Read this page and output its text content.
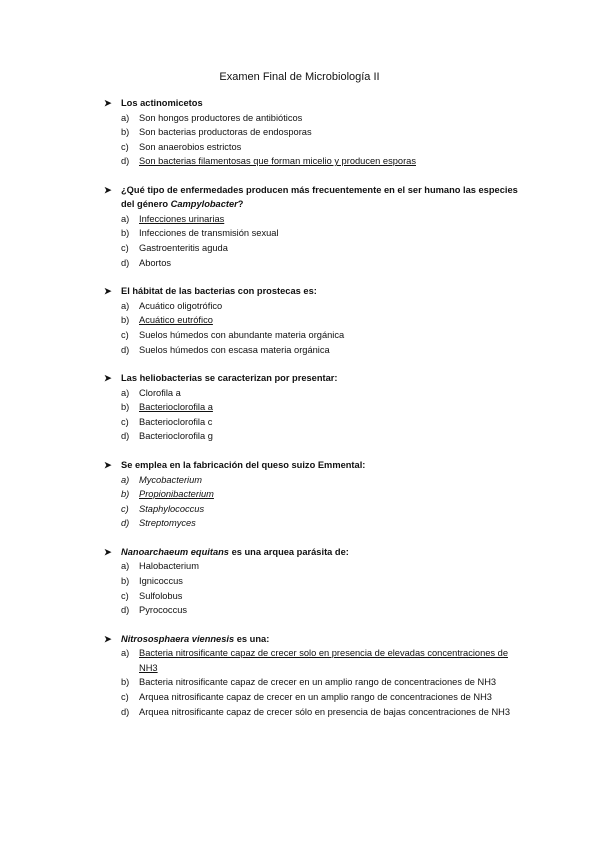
Examen Final de Microbiología II
➤ Los actinomicetos
a) Son hongos productores de antibióticos
b) Son bacterias productoras de endosporas
c) Son anaerobios estrictos
d) Son bacterias filamentosas que forman micelio y producen esporas
➤ ¿Qué tipo de enfermedades producen más frecuentemente en el ser humano las especies del género Campylobacter?
a) Infecciones urinarias
b) Infecciones de transmisión sexual
c) Gastroenteritis aguda
d) Abortos
➤ El hábitat de las bacterias con prostecas es:
a) Acuático oligotrófico
b) Acuático eutrófico
c) Suelos húmedos con abundante materia orgánica
d) Suelos húmedos con escasa materia orgánica
➤ Las heliobacterias se caracterizan por presentar:
a) Clorofila a
b) Bacterioclorofila a
c) Bacterioclorofila c
d) Bacterioclorofila g
➤ Se emplea en la fabricación del queso suizo Emmental:
a) Mycobacterium
b) Propionibacterium
c) Staphylococcus
d) Streptomyces
➤ Nanoarchaeum equitans es una arquea parásita de:
a) Halobacterium
b) Ignicoccus
c) Sulfolobus
d) Pyrococcus
➤ Nitrososphaera viennesis es una:
a) Bacteria nitrosificante capaz de crecer solo en presencia de elevadas concentraciones de NH3
b) Bacteria nitrosificante capaz de crecer en un amplio rango de concentraciones de NH3
c) Arquea nitrosificante capaz de crecer en un amplio rango de concentraciones de NH3
d) Arquea nitrosificante capaz de crecer sólo en presencia de bajas concentraciones de NH3
